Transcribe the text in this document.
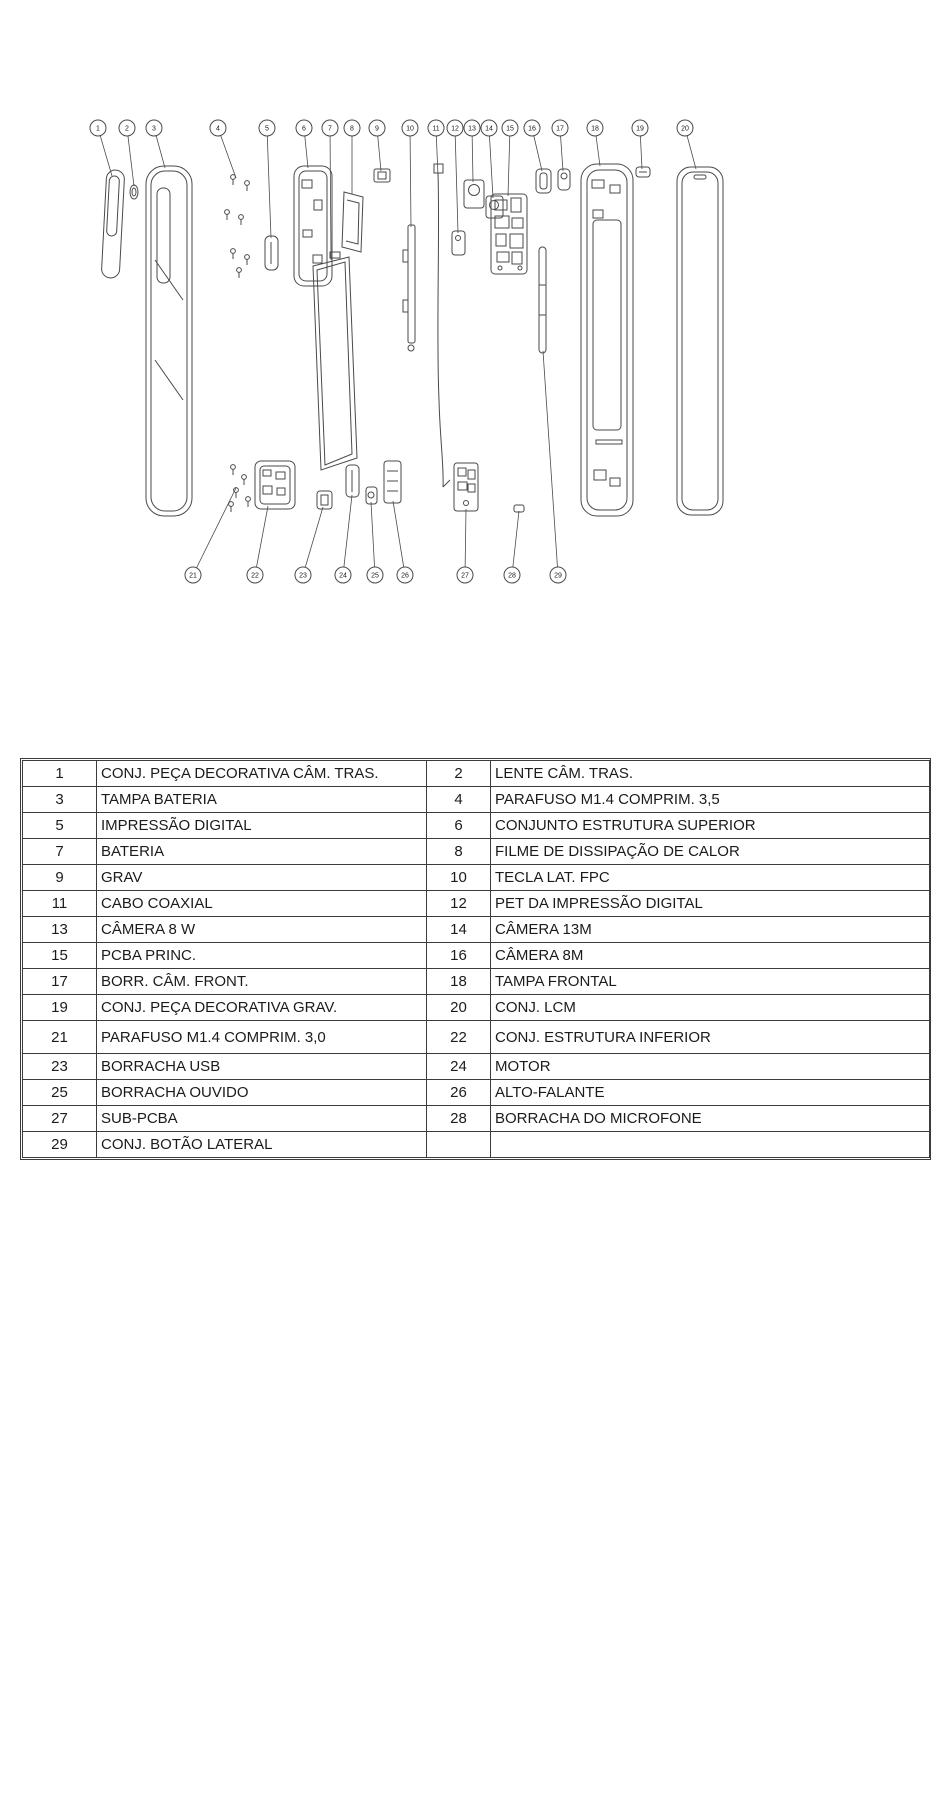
1	2	3	4	5	6	7	8	9	10	11 12 13 14 15 16	17	18	19	20
21	22	23	24	25	26	27	28	29
1	CONJ. PEÇA DECORATIVA CÂM. TRAS.	2	LENTE CÂM. TRAS.
3	TAMPA BATERIA	4	PARAFUSO M1.4 COMPRIM. 3,5
5	IMPRESSÃO DIGITAL	6	CONJUNTO ESTRUTURA SUPERIOR
7	BATERIA	8	FILME DE DISSIPAÇÃO DE CALOR
9	GRAV	10	TECLA LAT. FPC
11	CABO COAXIAL	12	PET DA IMPRESSÃO DIGITAL
13	CÂMERA 8 W	14	CÂMERA 13M
15	PCBA PRINC.	16	CÂMERA 8M
17	BORR. CÂM. FRONT.	18	TAMPA FRONTAL
19	CONJ. PEÇA DECORATIVA GRAV.	20	CONJ. LCM
21	PARAFUSO M1.4 COMPRIM. 3,0	22	CONJ. ESTRUTURA INFERIOR
23	BORRACHA USB	24	MOTOR
25	BORRACHA OUVIDO	26	ALTO-FALANTE
27	SUB-PCBA	28	BORRACHA DO MICROFONE
29	CONJ. BOTÃO LATERAL		
